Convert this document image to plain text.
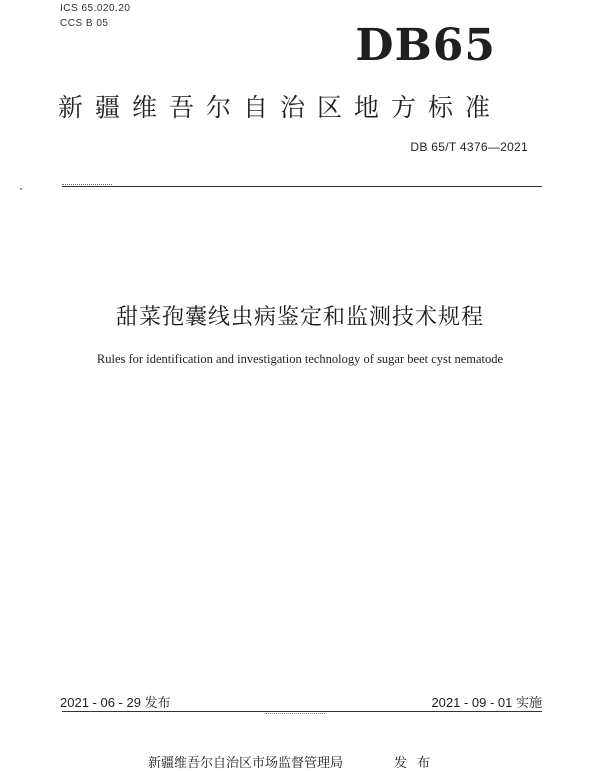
ICS 65.020.20
CCS B 05	DB65
新疆维吾尔自治区地方标准
DB 65/T 4376—2021
甜菜孢囊线虫病鉴定和监测技术规程
Rules for identification and investigation technology of sugar beet cyst nematode
2021 - 06 - 29 发布	2021 - 09 - 01 实施
新疆维吾尔自治区市场监督管理局	发布
